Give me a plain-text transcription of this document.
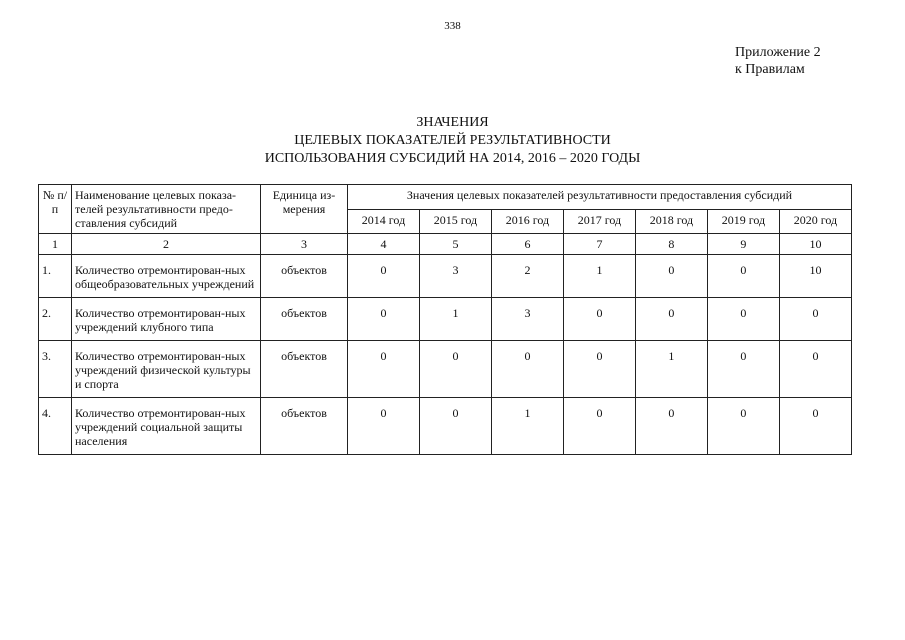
338
Приложение 2
к Правилам
ЗНАЧЕНИЯ
ЦЕЛЕВЫХ ПОКАЗАТЕЛЕЙ РЕЗУЛЬТАТИВНОСТИ
ИСПОЛЬЗОВАНИЯ СУБСИДИЙ НА 2014, 2016 – 2020 ГОДЫ
№ п/п	Наименование целевых показа-телей результативности предо-ставления субсидий	Единица из-мерения	Значения целевых показателей результативности предоставления субсидий						
			2014 год	2015 год	2016 год	2017 год	2018 год	2019 год	2020 год
1	2	3	4	5	6	7	8	9	10
1.	Количество отремонтирован-ных общеобразовательных учреждений	объектов	0	3	2	1	0	0	10
2.	Количество отремонтирован-ных учреждений клубного типа	объектов	0	1	3	0	0	0	0
3.	Количество отремонтирован-ных учреждений физической культуры и спорта	объектов	0	0	0	0	1	0	0
4.	Количество отремонтирован-ных учреждений социальной защиты населения	объектов	0	0	1	0	0	0	0
